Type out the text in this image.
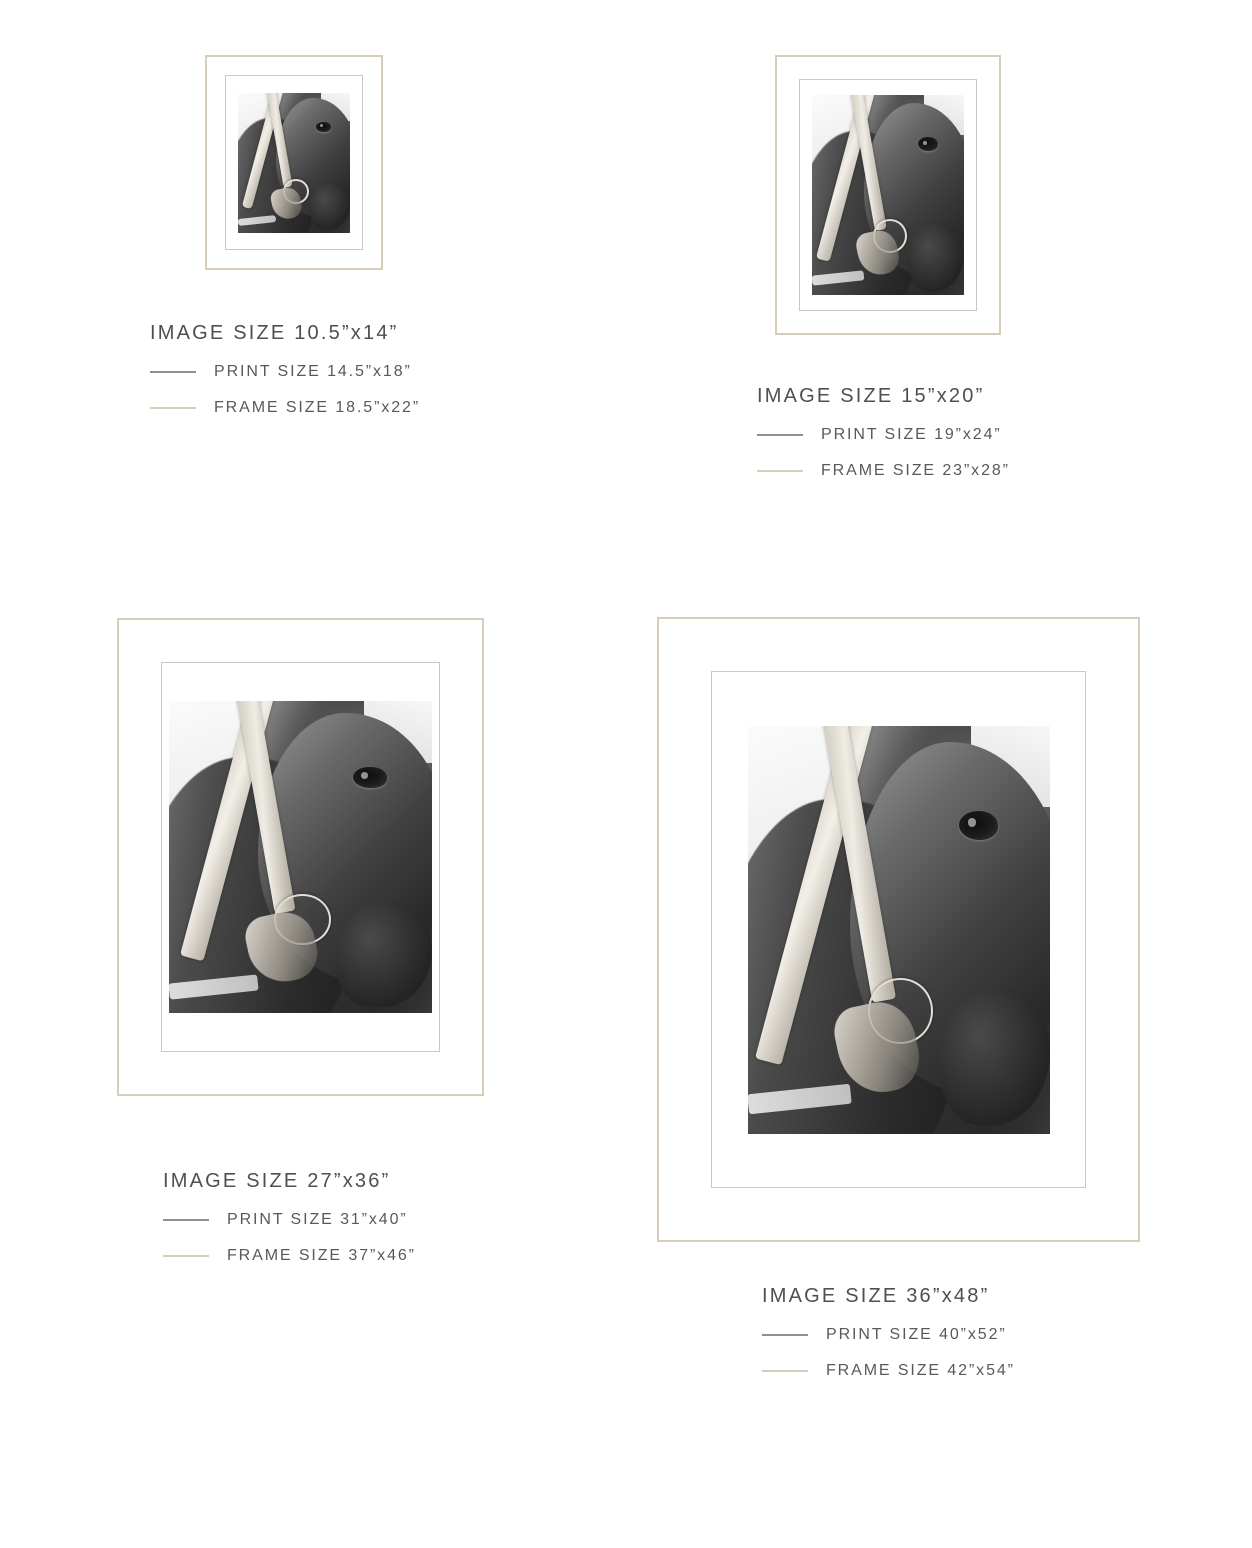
IMAGE SIZE 10.5”x14”
PRINT SIZE 14.5”x18”
FRAME SIZE 18.5”x22”
IMAGE SIZE 15”x20”
PRINT SIZE 19”x24”
FRAME SIZE 23”x28”
IMAGE SIZE 27”x36”
PRINT SIZE 31”x40”
FRAME SIZE 37”x46”
IMAGE SIZE 36”x48”
PRINT SIZE 40”x52”
FRAME SIZE 42”x54”
